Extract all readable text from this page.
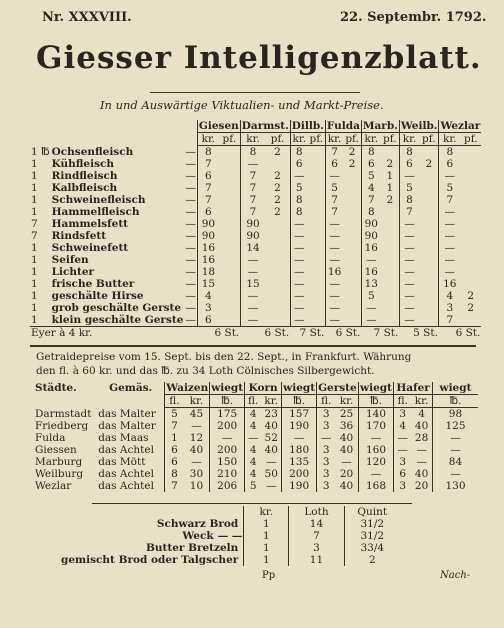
Nr. XXXVIII.	22. Septembr. 1792.
Giesser Intelligenzblatt.
In und Auswärtige Viktualien- und Markt-Preise.
			Giesen		Darmst.		Dillb.		Fulda		Marb.		Weilb.		Wezlar	
			kr.	pf.	kr.	pf.	kr.	pf.	kr.	pf.	kr.	pf.	kr.	pf.	kr.	pf.
1 ℔	Ochsenfleisch	—	8		8	2	8		7	2	8		8		8	
1	Kühfleisch	—	7		—		6		6	2	6	2	6	2	6	
1	Rindfleisch	—	6		7	2	—		—		5	1	—		—	
1	Kalbfleisch	—	7		7	2	5		5		4	1	5		5	
1	Schweinefleisch	—	7		7	2	8		7		7	2	8		7	
1	Hammelfleisch	—	6		7	2	8		7		8		7		—	
7	Hammelsfett	—	90		90		—		—		90		—		—	
7	Rindsfett	—	90		90		—		—		90		—		—	
1	Schweinefett	—	16		14		—		—		16		—		—	
1	Seifen	—	16		—		—		—		—		—		—	
1	Lichter	—	18		—		—		16		16		—		—	
1	frische Butter	—	15		15		—		—		13		—		16	
1	geschälte Hirse	—	4		—		—		—		5		—		4	2
1	grob geschälte Gerste	—	3		—		—		—		—		—		3	2
1	klein geschälte Gerste	—	6		—		—		—		—		—		7	
Eyer à 4 kr.			6 St.		6 St.		7 St.		6 St.		7 St.		5 St.		6 St.	
Getraidepreise vom 15. Sept. bis den 22. Sept., in Frankfurt. Währung
den fl. à 60 kr. und das ℔. zu 34 Loth Cölnisches Silbergewicht.
Städte.	Gemäs.	Waizen		wiegt	Korn		wiegt	Gerste		wiegt	Hafer		wiegt
		fl.	kr.	℔.	fl.	kr.	℔.	fl.	kr.	℔.	fl.	kr.	℔.
Darmstadt	das Malter	5	45	175	4	23	157	3	25	140	3	4	98
Friedberg	das Malter	7	—	200	4	40	190	3	36	170	4	40	125
Fulda	das Maas	1	12	—	—	52	—	—	40	—	—	28	—
Giessen	das Achtel	6	40	200	4	40	180	3	40	160	—	—	—
Marburg	das Mött	6	—	150	4	—	135	3	—	120	3	—	84
Weilburg	das Achtel	8	30	210	4	50	200	3	20	—	6	40	—
Wezlar	das Achtel	7	10	206	5	—	190	3	40	168	3	20	130
	kr.	Loth	Quint
Schwarz Brod	1	14	31/2
Weck — —	1	7	31/2
Butter Bretzeln	1	3	33/4
gemischt Brod oder Talgscher	1	11	2
Pp	Nach-
